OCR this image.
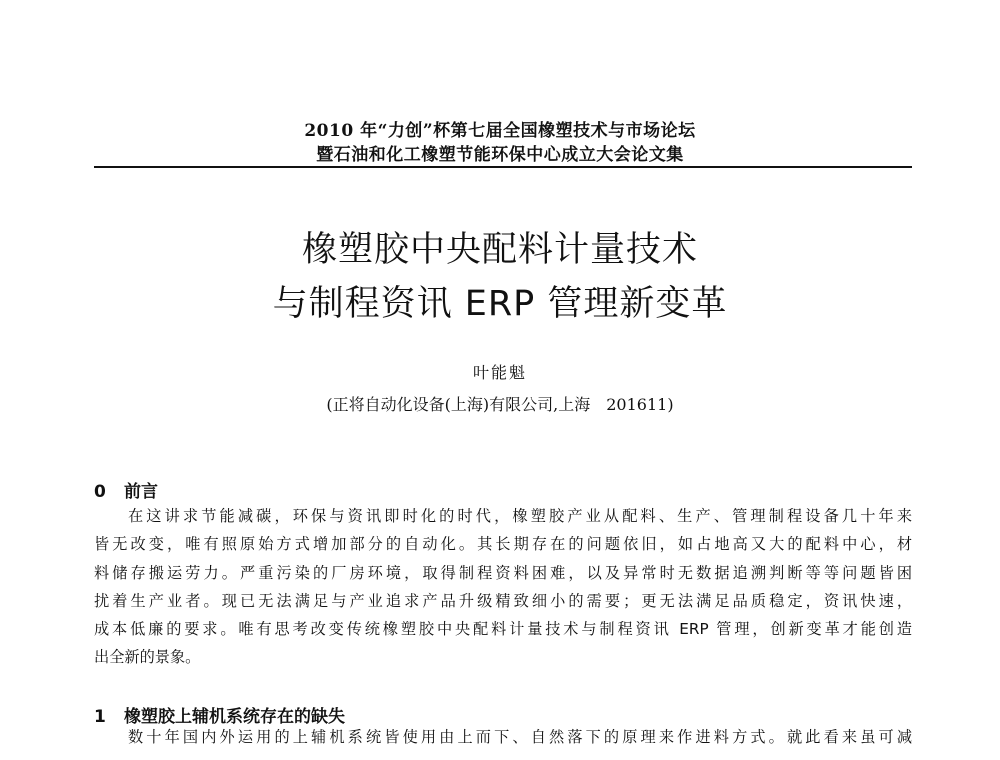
2010 年“力创”杯第七届全国橡塑技术与市场论坛
暨石油和化工橡塑节能环保中心成立大会论文集
橡塑胶中央配料计量技术
与制程资讯 ERP 管理新变革
叶能魁
(正将自动化设备(上海)有限公司,上海　201611)
0 前言
在这讲求节能减碳，环保与资讯即时化的时代，橡塑胶产业从配料、生产、管理制程设备几十年来
皆无改变，唯有照原始方式增加部分的自动化。其长期存在的问题依旧，如占地高又大的配料中心，材
料储存搬运劳力。严重污染的厂房环境，取得制程资料困难，以及异常时无数据追溯判断等等问题皆困
扰着生产业者。现已无法满足与产业追求产品升级精致细小的需要；更无法满足品质稳定，资讯快速，
成本低廉的要求。唯有思考改变传统橡塑胶中央配料计量技术与制程资讯 ERP 管理，创新变革才能创造
出全新的景象。
1 橡塑胶上辅机系统存在的缺失
数十年国内外运用的上辅机系统皆使用由上而下、自然落下的原理来作进料方式。就此看来虽可减
